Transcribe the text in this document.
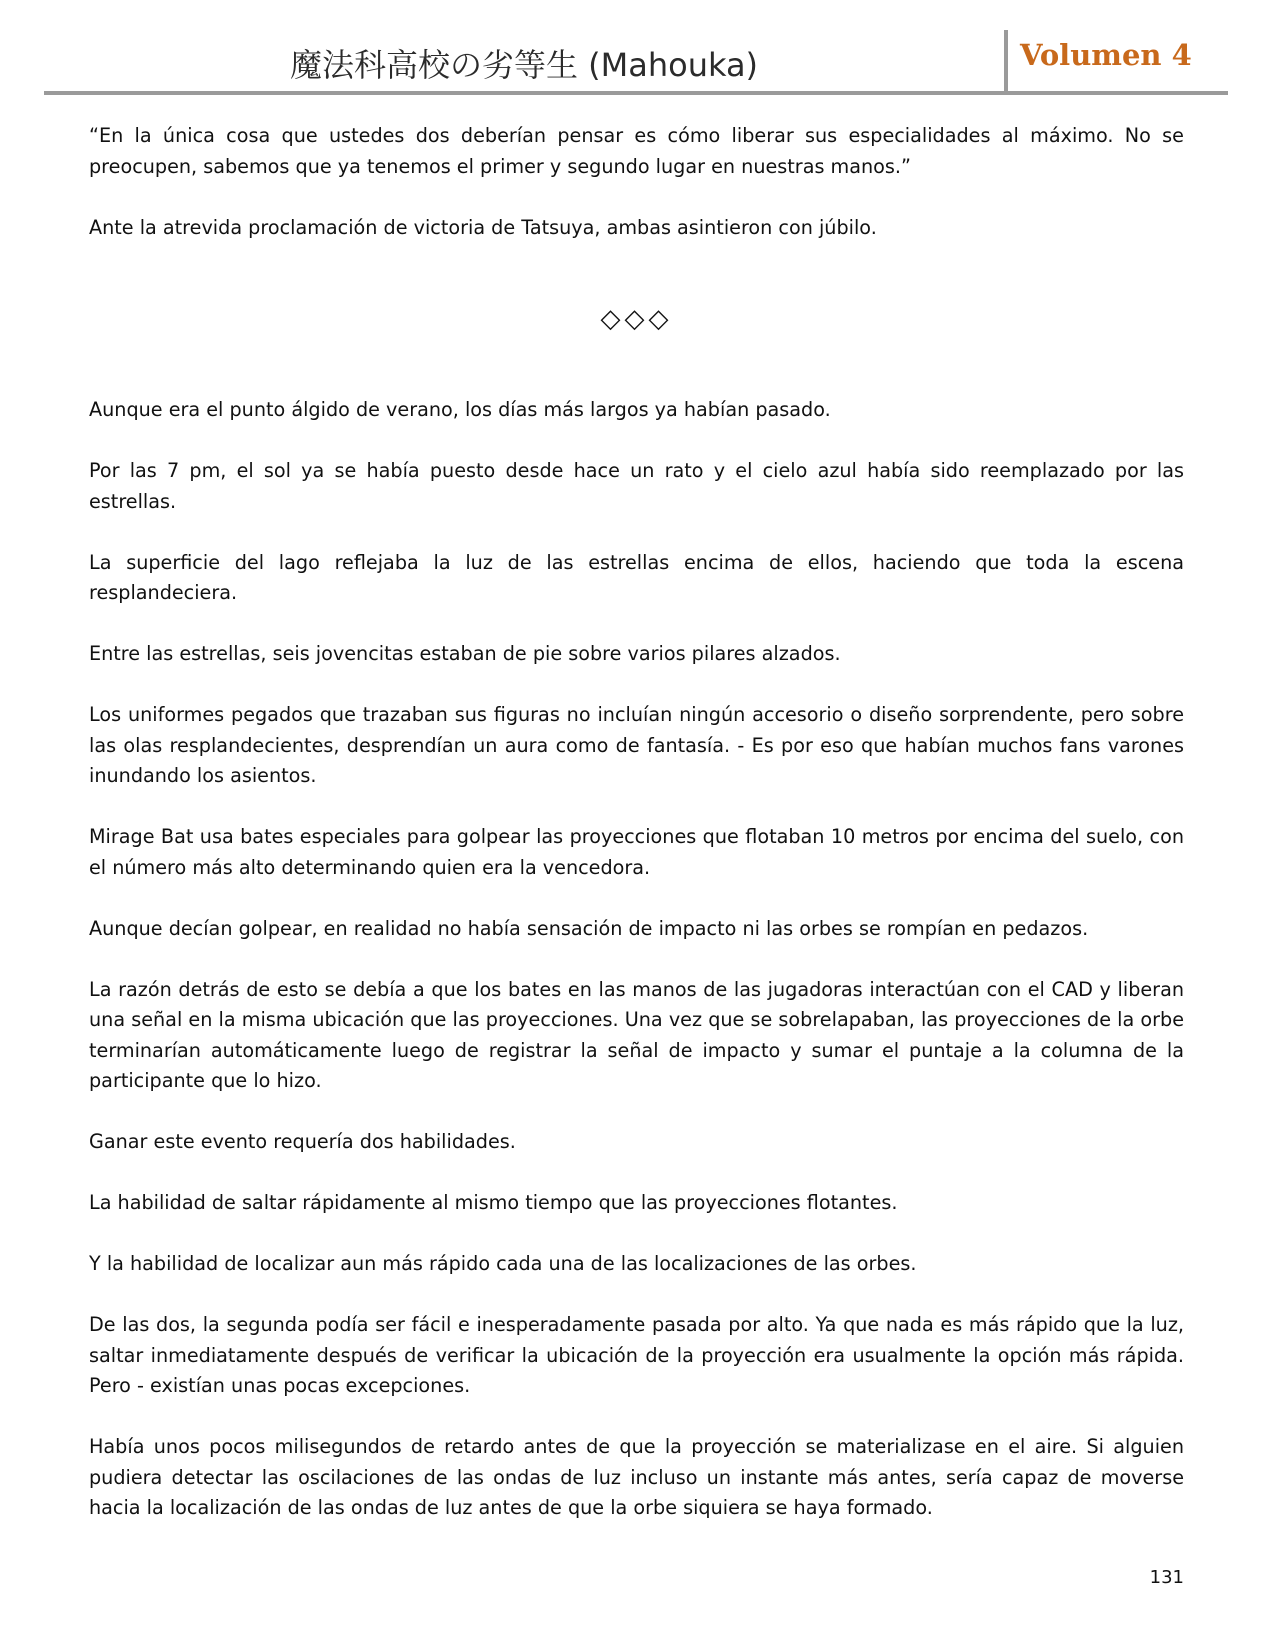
魔法科高校の劣等生 (Mahouka)	Volumen 4

“En la única cosa que ustedes dos deberían pensar es cómo liberar sus especialidades al máximo. No se preocupen, sabemos que ya tenemos el primer y segundo lugar en nuestras manos.”

Ante la atrevida proclamación de victoria de Tatsuya, ambas asintieron con júbilo.

◇◇◇

Aunque era el punto álgido de verano, los días más largos ya habían pasado.

Por las 7 pm, el sol ya se había puesto desde hace un rato y el cielo azul había sido reemplazado por las estrellas.

La superficie del lago reflejaba la luz de las estrellas encima de ellos, haciendo que toda la escena resplandeciera.

Entre las estrellas, seis jovencitas estaban de pie sobre varios pilares alzados.

Los uniformes pegados que trazaban sus figuras no incluían ningún accesorio o diseño sorprendente, pero sobre las olas resplandecientes, desprendían un aura como de fantasía. - Es por eso que habían muchos fans varones inundando los asientos.

Mirage Bat usa bates especiales para golpear las proyecciones que flotaban 10 metros por encima del suelo, con el número más alto determinando quien era la vencedora.

Aunque decían golpear, en realidad no había sensación de impacto ni las orbes se rompían en pedazos.

La razón detrás de esto se debía a que los bates en las manos de las jugadoras interactúan con el CAD y liberan una señal en la misma ubicación que las proyecciones. Una vez que se sobrelapaban, las proyecciones de la orbe terminarían automáticamente luego de registrar la señal de impacto y sumar el puntaje a la columna de la participante que lo hizo.

Ganar este evento requería dos habilidades.

La habilidad de saltar rápidamente al mismo tiempo que las proyecciones flotantes.

Y la habilidad de localizar aun más rápido cada una de las localizaciones de las orbes.

De las dos, la segunda podía ser fácil e inesperadamente pasada por alto. Ya que nada es más rápido que la luz, saltar inmediatamente después de verificar la ubicación de la proyección era usualmente la opción más rápida. Pero - existían unas pocas excepciones.

Había unos pocos milisegundos de retardo antes de que la proyección se materializase en el aire. Si alguien pudiera detectar las oscilaciones de las ondas de luz incluso un instante más antes, sería capaz de moverse hacia la localización de las ondas de luz antes de que la orbe siquiera se haya formado.

131
